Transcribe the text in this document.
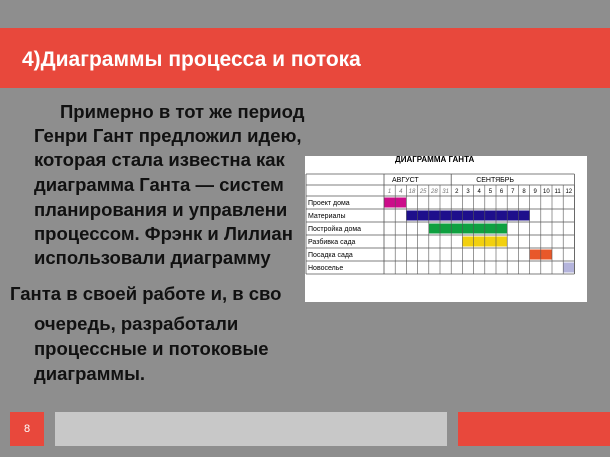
4)Диаграммы процесса и потока
Примерно в тот же период
Генри Гант предложил идею,
которая стала известна как
диаграмма Ганта — систем
планирования и управлени
процессом. Фрэнк и Лилиан
использовали диаграмму
Ганта в своей работе и, в сво
очередь, разработали
процессные и потоковые
диаграммы.
ДИАГРАММА ГАНТА
АВГУСТ	СЕНТЯБРЬ
1 4 18 25 28 31 2 3 4 5 6 7 8 9 10 11 12
Проект дома
Материалы
Постройка дома
Разбивка сада
Посадка сада
Новоселье
8
